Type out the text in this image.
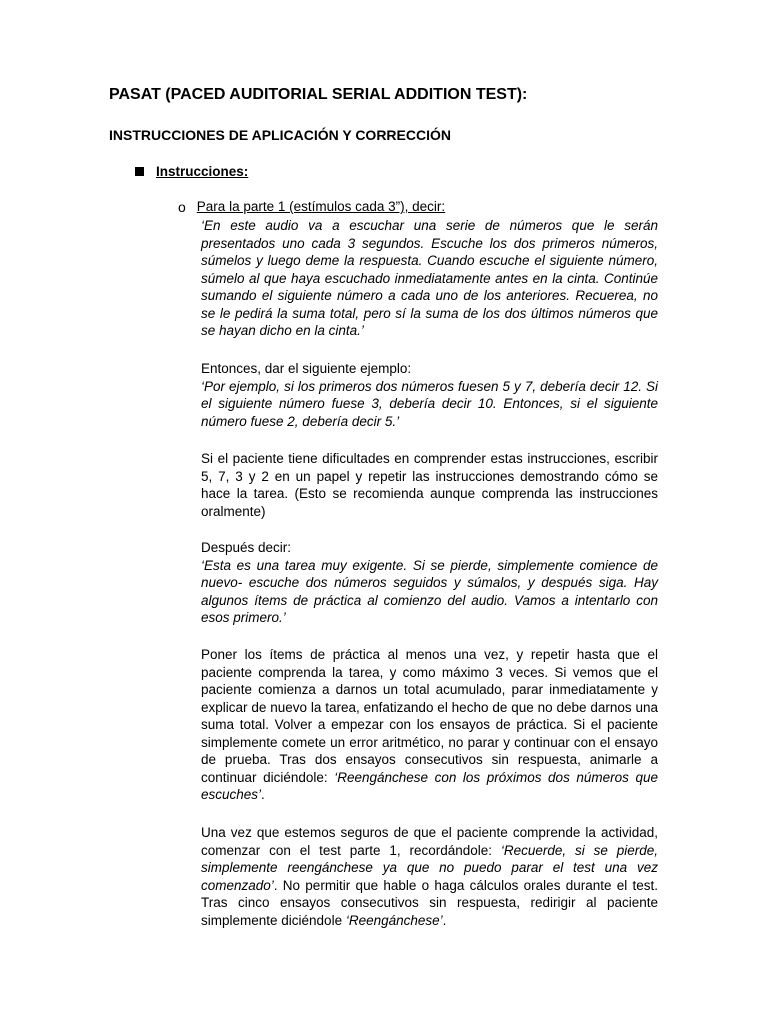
PASAT (PACED AUDITORIAL SERIAL ADDITION TEST):
INSTRUCCIONES DE APLICACIÓN Y CORRECCIÓN
Instrucciones:
o Para la parte 1 (estímulos cada 3”), decir:

‘En este audio va a escuchar una serie de números que le serán presentados uno cada 3 segundos. Escuche los dos primeros números, súmelos y luego deme la respuesta. Cuando escuche el siguiente número, súmelo al que haya escuchado inmediatamente antes en la cinta. Continúe sumando el siguiente número a cada uno de los anteriores. Recuerea, no se le pedirá la suma total, pero sí la suma de los dos últimos números que se hayan dicho en la cinta.’

Entonces, dar el siguiente ejemplo:

‘Por ejemplo, si los primeros dos números fuesen 5 y 7, debería decir 12. Si el siguiente número fuese 3, debería decir 10. Entonces, si el siguiente número fuese 2, debería decir 5.’

Si el paciente tiene dificultades en comprender estas instrucciones, escribir 5, 7, 3 y 2 en un papel y repetir las instrucciones demostrando cómo se hace la tarea. (Esto se recomienda aunque comprenda las instrucciones oralmente)

Después decir:

‘Esta es una tarea muy exigente. Si se pierde, simplemente comience de nuevo- escuche dos números seguidos y súmalos, y después siga. Hay algunos ítems de práctica al comienzo del audio. Vamos a intentarlo con esos primero.’

Poner los ítems de práctica al menos una vez, y repetir hasta que el paciente comprenda la tarea, y como máximo 3 veces. Si vemos que el paciente comienza a darnos un total acumulado, parar inmediatamente y explicar de nuevo la tarea, enfatizando el hecho de que no debe darnos una suma total. Volver a empezar con los ensayos de práctica. Si el paciente simplemente comete un error aritmético, no parar y continuar con el ensayo de prueba. Tras dos ensayos consecutivos sin respuesta, animarle a continuar diciéndole: ‘Reengánchese con los próximos dos números que escuches’.

Una vez que estemos seguros de que el paciente comprende la actividad, comenzar con el test parte 1, recordándole: ‘Recuerde, si se pierde, simplemente reengánchese ya que no puedo parar el test una vez comenzado’. No permitir que hable o haga cálculos orales durante el test. Tras cinco ensayos consecutivos sin respuesta, redirigir al paciente simplemente diciéndole ‘Reengánchese’.
